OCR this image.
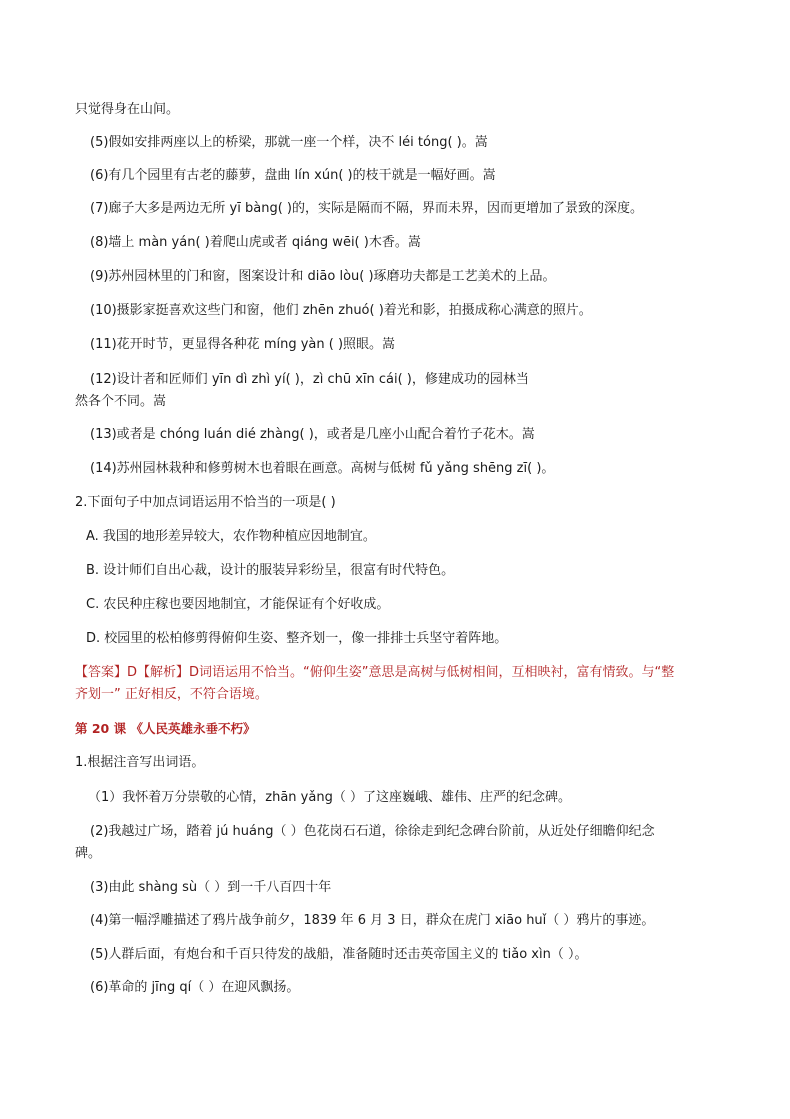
只觉得身在山间。
(5)假如安排两座以上的桥梁，那就一座一个样，决不 léi tóng( )。嵩
(6)有几个园里有古老的藤萝，盘曲 lín xún( )的枝干就是一幅好画。嵩
(7)廊子大多是两边无所 yī bàng( )的，实际是隔而不隔，界而未界，因而更增加了景致的深度。
(8)墙上 màn yán( )着爬山虎或者 qiáng wēi( )木香。嵩
(9)苏州园林里的门和窗，图案设计和 diāo lòu( )琢磨功夫都是工艺美术的上品。
(10)摄影家挺喜欢这些门和窗，他们 zhēn zhuó( )着光和影，拍摄成称心满意的照片。
(11)花开时节，更显得各种花 míng yàn ( )照眼。嵩
(12)设计者和匠师们 yīn dì zhì yí( )，zì chū xīn cái( )，修建成功的园林当
然各个不同。嵩
(13)或者是 chóng luán dié zhàng( )，或者是几座小山配合着竹子花木。嵩
(14)苏州园林栽种和修剪树木也着眼在画意。高树与低树 fǔ yǎng shēng zī( )。
2.下面句子中加点词语运用不恰当的一项是( )
A. 我国的地形差异较大，农作物种植应因地制宜。
B. 设计师们自出心裁，设计的服装异彩纷呈，很富有时代特色。
C. 农民种庄稼也要因地制宜，才能保证有个好收成。
D. 校园里的松柏修剪得俯仰生姿、整齐划一，像一排排士兵坚守着阵地。
【答案】D【解析】D词语运用不恰当。“俯仰生姿”意思是高树与低树相间，互相映衬，富有情致。与“整
齐划一” 正好相反，不符合语境。
第 20 课 《人民英雄永垂不朽》
1.根据注音写出词语。
（1）我怀着万分崇敬的心情，zhān yǎng（ ）了这座巍峨、雄伟、庄严的纪念碑。
(2)我越过广场，踏着 jú huáng（ ）色花岗石石道，徐徐走到纪念碑台阶前，从近处仔细瞻仰纪念
碑。
(3)由此 shàng sù（ ）到一千八百四十年
(4)第一幅浮雕描述了鸦片战争前夕，1839 年 6 月 3 日，群众在虎门 xiāo huǐ（ ）鸦片的事迹。
(5)人群后面，有炮台和千百只待发的战船，准备随时还击英帝国主义的 tiǎo xìn（ ）。
(6)革命的 jīng qí（ ）在迎风飘扬。
